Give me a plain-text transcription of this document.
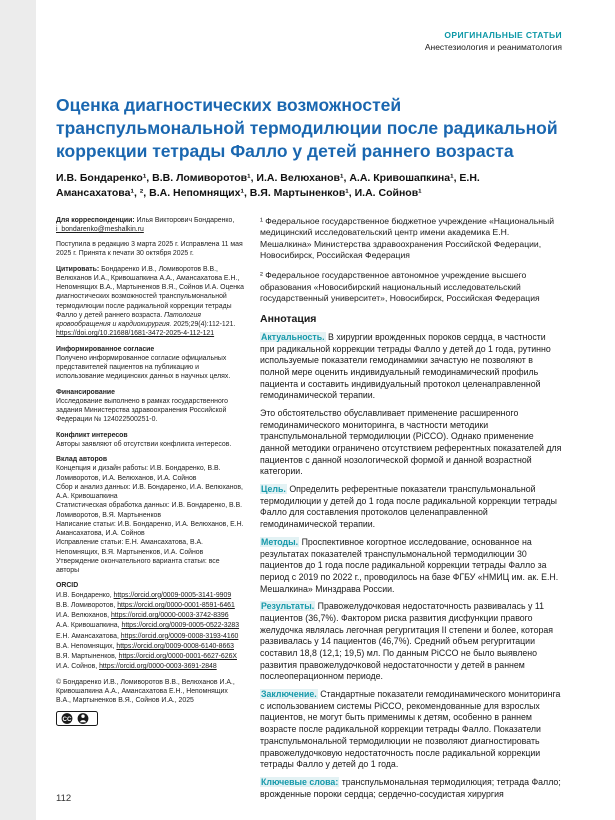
ОРИГИНАЛЬНЫЕ СТАТЬИ
Анестезиология и реаниматология
Оценка диагностических возможностей транспульмональной термодилюции после радикальной коррекции тетрады Фалло у детей раннего возраста
И.В. Бондаренко¹, В.В. Ломиворотов¹, И.А. Велюханов¹, А.А. Кривошапкина¹, Е.Н. Амансахатова¹, ², В.А. Непомнящих¹, В.Я. Мартыненков¹, И.А. Сойнов¹

Для корреспонденции: Илья Викторович Бондаренко, i_bondarenko@meshalkin.ru

Поступила в редакцию 3 марта 2025 г. Исправлена 11 мая 2025 г. Принята к печати 30 октября 2025 г.

Цитировать: Бондаренко И.В., Ломиворотов В.В., Велюханов И.А., Кривошапкина А.А., Амансахатова Е.Н., Непомнящих В.А., Мартыненков В.Я., Сойнов И.А. Оценка диагностических возможностей транспульмональной термодилюции после радикальной коррекции тетрады Фалло у детей раннего возраста. Патология кровообращения и кардиохирургия. 2025;29(4):112-121. https://doi.org/10.21688/1681-3472-2025-4-112-121

Информированное согласие
Получено информированное согласие официальных представителей пациентов на публикацию и использование медицинских данных в научных целях.
Финансирование
Исследование выполнено в рамках государственного задания Министерства здравоохранения Российской Федерации № 124022500251-0.
Конфликт интересов
Авторы заявляют об отсутствии конфликта интересов.
Вклад авторов
Концепция и дизайн работы: И.В. Бондаренко, В.В. Ломиворотов, И.А. Велюханов, И.А. Сойнов
Сбор и анализ данных: И.В. Бондаренко, И.А. Велюханов, А.А. Кривошапкина
Статистическая обработка данных: И.В. Бондаренко, В.В. Ломиворотов, В.Я. Мартыненков
Написание статьи: И.В. Бондаренко, И.А. Велюханов, Е.Н. Амансахатова, И.А. Сойнов
Исправление статьи: Е.Н. Амансахатова, В.А. Непомнящих, В.Я. Мартыненков, И.А. Сойнов
Утверждение окончательного варианта статьи: все авторы
ORCID
И.В. Бондаренко, https://orcid.org/0009-0005-3141-9909
В.В. Ломиворотов, https://orcid.org/0000-0001-8591-6461
И.А. Велюханов, https://orcid.org/0000-0003-3742-8396
А.А. Кривошапкина, https://orcid.org/0009-0005-0522-3283
Е.Н. Амансахатова, https://orcid.org/0009-0008-3193-4160
В.А. Непомнящих, https://orcid.org/0009-0008-6140-8663
В.Я. Мартыненков, https://orcid.org/0000-0001-6627-626X
И.А. Сойнов, https://orcid.org/0000-0003-3691-2848

© Бондаренко И.В., Ломиворотов В.В., Велюханов И.А., Кривошапкина А.А., Амансахатова Е.Н., Непомнящих В.А., Мартыненков В.Я., Сойнов И.А., 2025

CC

¹ Федеральное государственное бюджетное учреждение «Национальный медицинский исследовательский центр имени академика Е.Н. Мешалкина» Министерства здравоохранения Российской Федерации, Новосибирск, Российская Федерация

² Федеральное государственное автономное учреждение высшего образования «Новосибирский национальный исследовательский государственный университет», Новосибирск, Российская Федерация

Аннотация

Актуальность. В хирургии врожденных пороков сердца, в частности при радикальной коррекции тетрады Фалло у детей до 1 года, рутинно используемые показатели гемодинамики зачастую не позволяют в полной мере оценить индивидуальный гемодинамический профиль пациента и составить индивидуальный протокол целенаправленной гемодинамической терапии.

Это обстоятельство обуславливает применение расширенного гемодинамического мониторинга, в частности методики транспульмональной термодилюции (PiCCO). Однако применение данной методики ограничено отсутствием референтных показателей для пациентов с данной нозологической формой и данной возрастной категории.

Цель. Определить референтные показатели транспульмональной термодилюции у детей до 1 года после радикальной коррекции тетрады Фалло для составления протоколов целенаправленной гемодинамической терапии.

Методы. Проспективное когортное исследование, основанное на результатах показателей транспульмональной термодилюции 30 пациентов до 1 года после радикальной коррекции тетрады Фалло за период с 2019 по 2022 г., проводилось на базе ФГБУ «НМИЦ им. ак. Е.Н. Мешалкина» Минздрава России.

Результаты. Правожелудочковая недостаточность развивалась у 11 пациентов (36,7%). Фактором риска развития дисфункции правого желудочка являлась легочная регургитация II степени и более, которая развивалась у 14 пациентов (46,7%). Средний объем регургитации составил 18,8 (12,1; 19,5) мл. По данным PiCCO не было выявлено развития правожелудочковой недостаточности у детей в раннем послеоперационном периоде.

Заключение. Стандартные показатели гемодинамического мониторинга с использованием системы PiCCO, рекомендованные для взрослых пациентов, не могут быть применимы к детям, особенно в раннем возрасте после радикальной коррекции тетрады Фалло. Показатели транспульмональной термодилюции не позволяют диагностировать правожелудочковую недостаточность после радикальной коррекции тетрады Фалло у детей до 1 года.

Ключевые слова: транспульмональная термодилюция; тетрада Фалло; врожденные пороки сердца; сердечно-сосудистая хирургия

112
